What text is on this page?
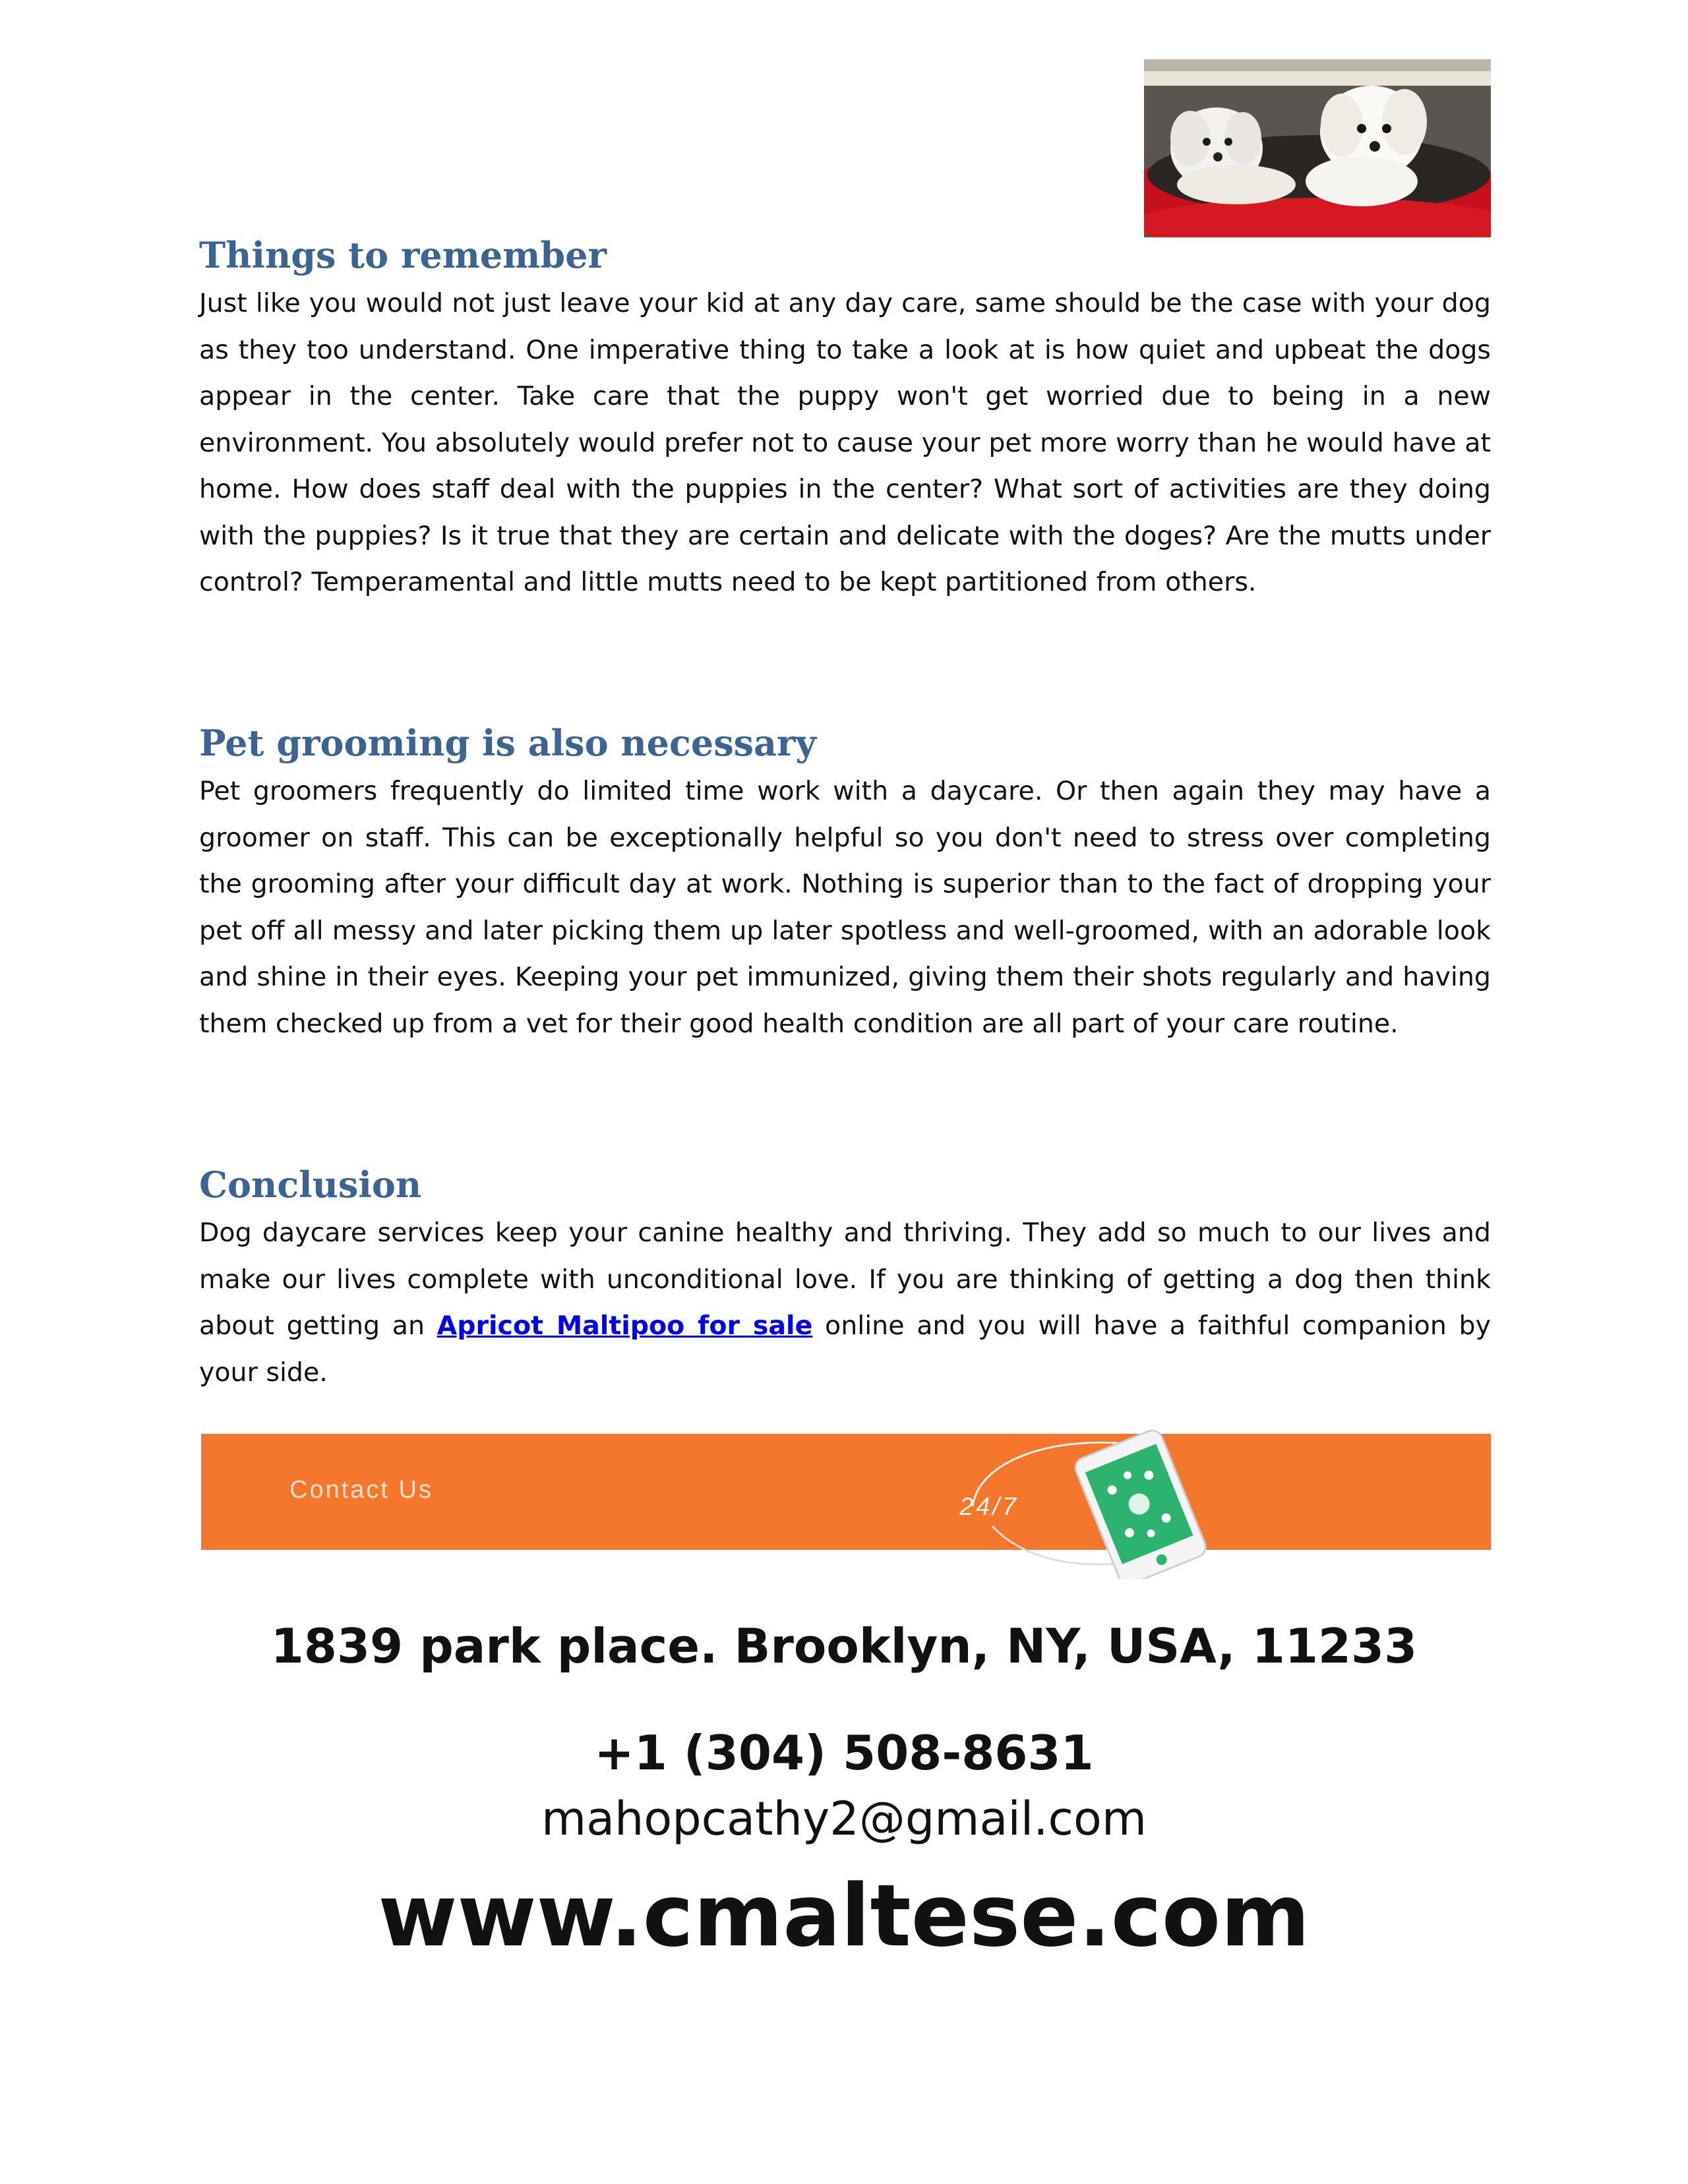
Things to remember

Just like you would not just leave your kid at any day care, same should be the case with your dog as they too understand. One imperative thing to take a look at is how quiet and upbeat the dogs appear in the center. Take care that the puppy won't get worried due to being in a new environment. You absolutely would prefer not to cause your pet more worry than he would have at home. How does staff deal with the puppies in the center? What sort of activities are they doing with the puppies? Is it true that they are certain and delicate with the doges? Are the mutts under control? Temperamental and little mutts need to be kept partitioned from others.

Pet grooming is also necessary

Pet groomers frequently do limited time work with a daycare. Or then again they may have a groomer on staff. This can be exceptionally helpful so you don't need to stress over completing the grooming after your difficult day at work. Nothing is superior than to the fact of dropping your pet off all messy and later picking them up later spotless and well-groomed, with an adorable look and shine in their eyes. Keeping your pet immunized, giving them their shots regularly and having them checked up from a vet for their good health condition are all part of your care routine.

Conclusion

Dog daycare services keep your canine healthy and thriving. They add so much to our lives and make our lives complete with unconditional love. If you are thinking of getting a dog then think about getting an Apricot Maltipoo for sale online and you will have a faithful companion by your side.

Contact Us
24/7

1839 park place. Brooklyn, NY, USA, 11233

+1 (304) 508-8631

mahopcathy2@gmail.com

www.cmaltese.com
